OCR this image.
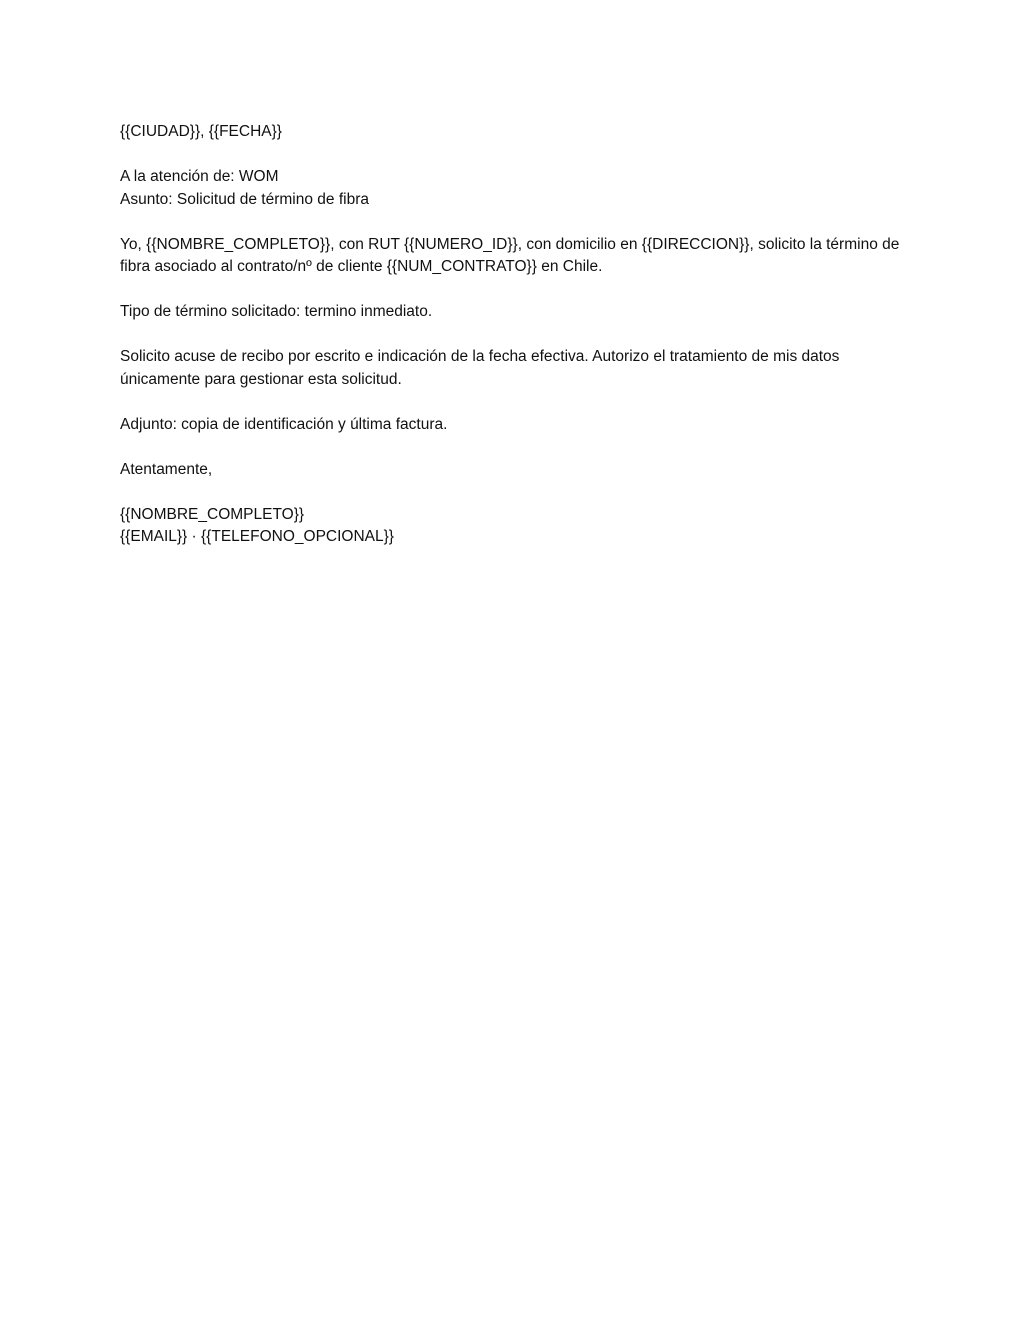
{{CIUDAD}}, {{FECHA}}

A la atención de: WOM

Asunto: Solicitud de término de fibra

Yo, {{NOMBRE_COMPLETO}}, con RUT {{NUMERO_ID}}, con domicilio en {{DIRECCION}}, solicito la término de fibra asociado al contrato/nº de cliente {{NUM_CONTRATO}} en Chile.

Tipo de término solicitado: termino inmediato.

Solicito acuse de recibo por escrito e indicación de la fecha efectiva. Autorizo el tratamiento de mis datos únicamente para gestionar esta solicitud.

Adjunto: copia de identificación y última factura.

Atentamente,

{{NOMBRE_COMPLETO}}

{{EMAIL}} · {{TELEFONO_OPCIONAL}}
